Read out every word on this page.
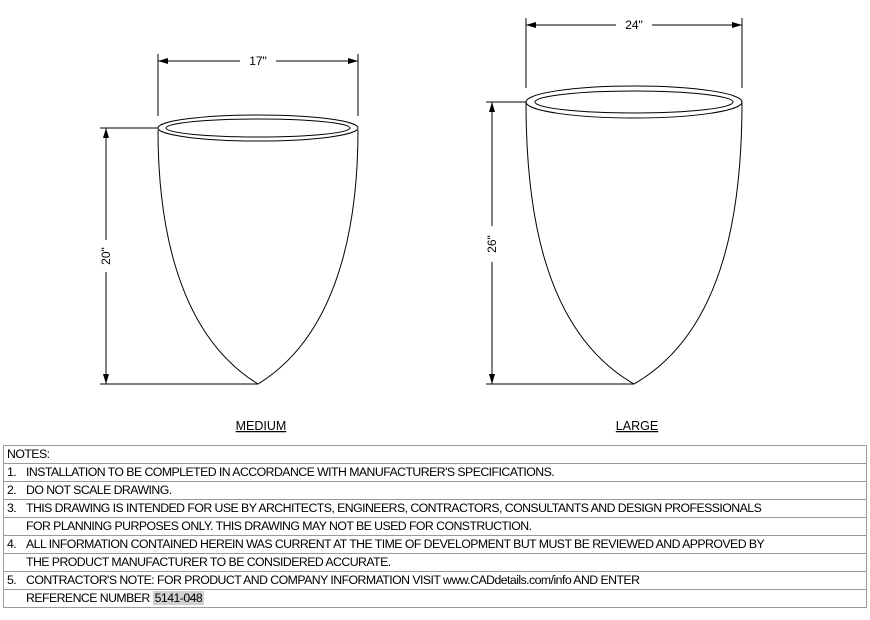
17"
20"
MEDIUM
24"
26"
LARGE
NOTES:
1. INSTALLATION TO BE COMPLETED IN ACCORDANCE WITH MANUFACTURER'S SPECIFICATIONS.
2. DO NOT SCALE DRAWING.
3. THIS DRAWING IS INTENDED FOR USE BY ARCHITECTS, ENGINEERS, CONTRACTORS, CONSULTANTS AND DESIGN PROFESSIONALS
FOR PLANNING PURPOSES ONLY. THIS DRAWING MAY NOT BE USED FOR CONSTRUCTION.
4. ALL INFORMATION CONTAINED HEREIN WAS CURRENT AT THE TIME OF DEVELOPMENT BUT MUST BE REVIEWED AND APPROVED BY
THE PRODUCT MANUFACTURER TO BE CONSIDERED ACCURATE.
5. CONTRACTOR'S NOTE: FOR PRODUCT AND COMPANY INFORMATION VISIT www.CADdetails.com/info AND ENTER
REFERENCE NUMBER 5141-048
